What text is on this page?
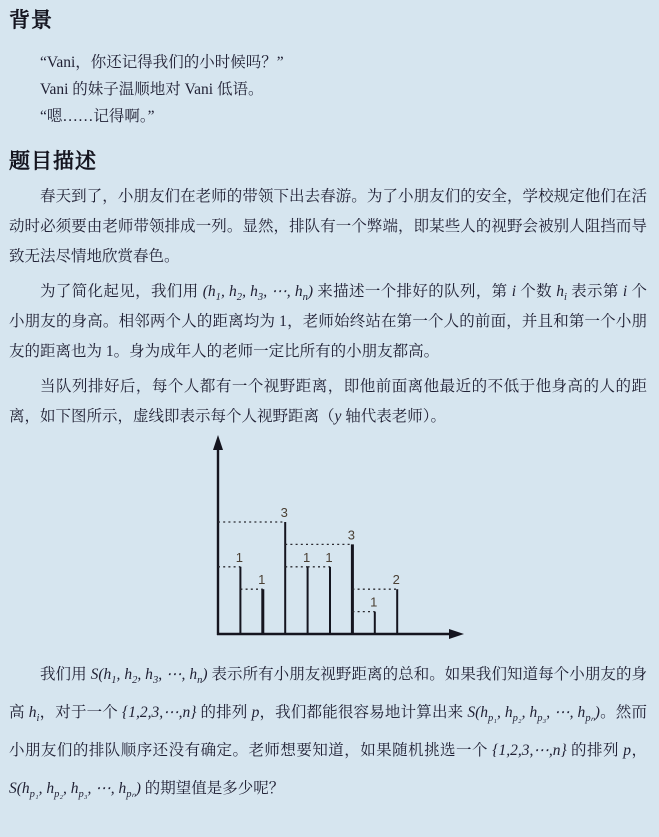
背景

“Vani，你还记得我们的小时候吗？”

Vani 的妹子温顺地对 Vani 低语。

“嗯……记得啊。”

题目描述

春天到了，小朋友们在老师的带领下出去春游。为了小朋友们的安全，学校规定他们在活动时必须要由老师带领排成一列。显然，排队有一个弊端，即某些人的视野会被别人阻挡而导致无法尽情地欣赏春色。

为了简化起见，我们用 ($h_1$, $h_2$, $h_3$, ⋯, $h_n$) 来描述一个排好的队列，第 i 个数 $h_i$ 表示第 i 个小朋友的身高。相邻两个人的距离均为 1，老师始终站在第一个人的前面，并且和第一个小朋友的距离也为 1。身为成年人的老师一定比所有的小朋友都高。

当队列排好后，每个人都有一个视野距离，即他前面离他最近的不低于他身高的人的距离，如下图所示，虚线即表示每个人视野距离（y 轴代表老师）。

1
1
3
1 1
3
1
2

我们用 $S(h_1$, $h_2$, $h_3$, ⋯, $h_n$) 表示所有小朋友视野距离的总和。如果我们知道每个小朋友的身高 $h_i$，对于一个 {1,2,3,⋯,n} 的排列 p，我们都能很容易地计算出来 $S(h_{p_1}$, $h_{p_2}$, $h_{p_3}$, ⋯, $h_{p_n}$)。然而小朋友们的排队顺序还没有确定。老师想要知道，如果随机挑选一个 {1,2,3,⋯,n} 的排列 p， $S(h_{p_1}$, $h_{p_2}$, $h_{p_3}$, ⋯, $h_{p_n}$) 的期望值是多少呢？
